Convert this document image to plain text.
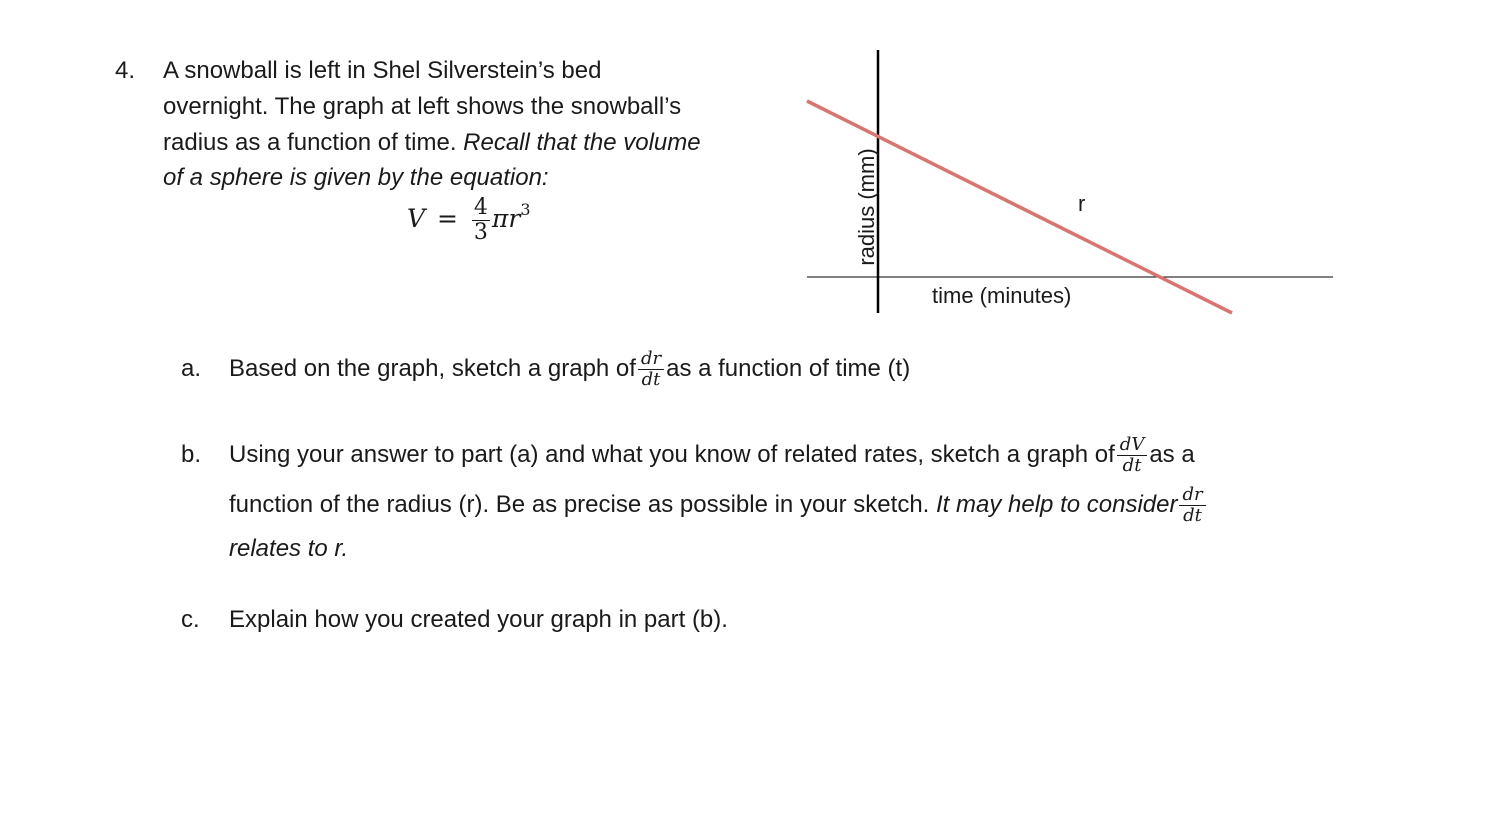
4. A snowball is left in Shel Silverstein’s bed
overnight. The graph at left shows the snowball’s
radius as a function of time. Recall that the volume
of a sphere is given by the equation:
$V = \frac{4}{3} \pi r^3$	radius (mm)
time (minutes)
r
a. Based on the graph, sketch a graph of $\frac{dr}{dt}$ as a function of time (t)
b. Using your answer to part (a) and what you know of related rates, sketch a graph of $\frac{dV}{dt}$ as a
function of the radius (r). Be as precise as possible in your sketch. It may help to consider $\frac{dr}{dt}$
relates to r.
c. Explain how you created your graph in part (b).
